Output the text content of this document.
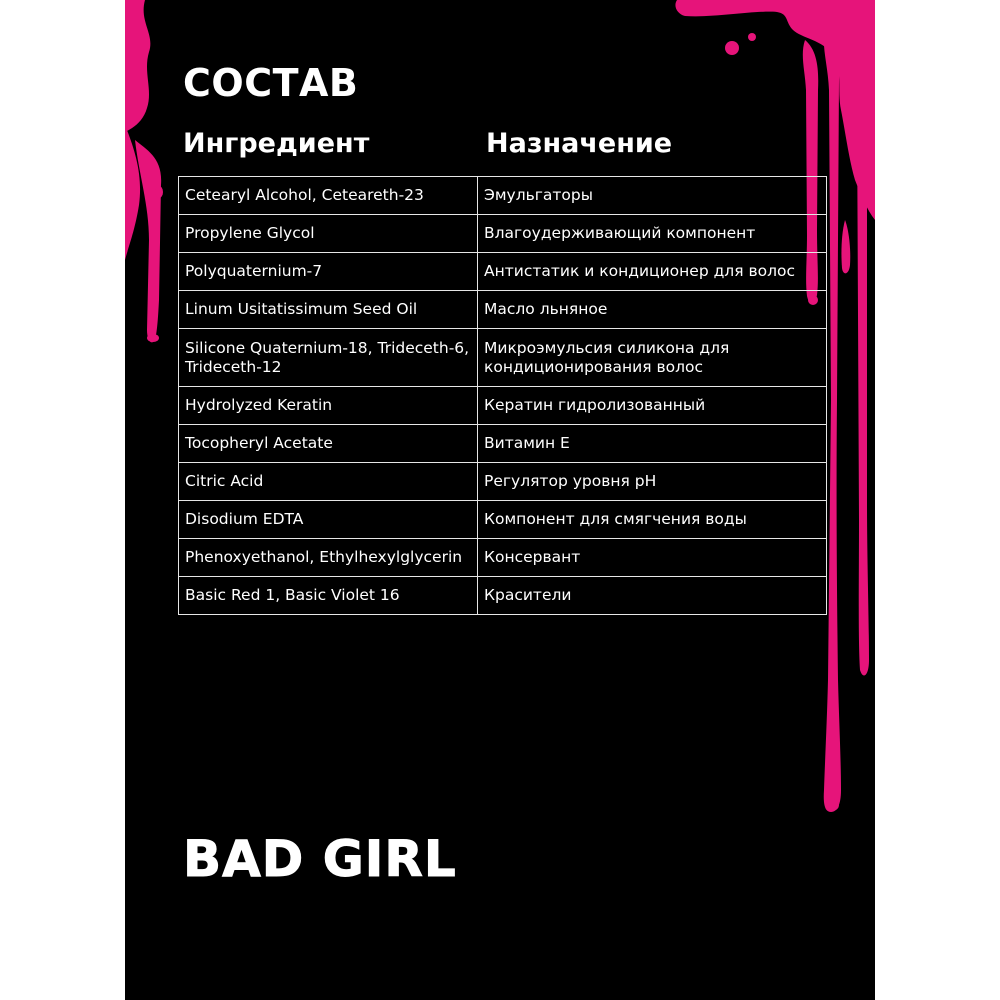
СОСТАВ
Ингредиент	Назначение
Cetearyl Alcohol, Ceteareth-23	Эмульгаторы
Propylene Glycol	Влагоудерживающий компонент
Polyquaternium-7	Антистатик и кондиционер для волос
Linum Usitatissimum Seed Oil	Масло льняное
Silicone Quaternium-18, Trideceth-6, Trideceth-12	Микроэмульсия силикона для кондиционирования волос
Hydrolyzed Keratin	Кератин гидролизованный
Tocopheryl Acetate	Витамин Е
Citric Acid	Регулятор уровня pH
Disodium EDTA	Компонент для смягчения воды
Phenoxyethanol, Ethylhexylglycerin	Консервант
Basic Red 1, Basic Violet 16	Красители
BAD GIRL
